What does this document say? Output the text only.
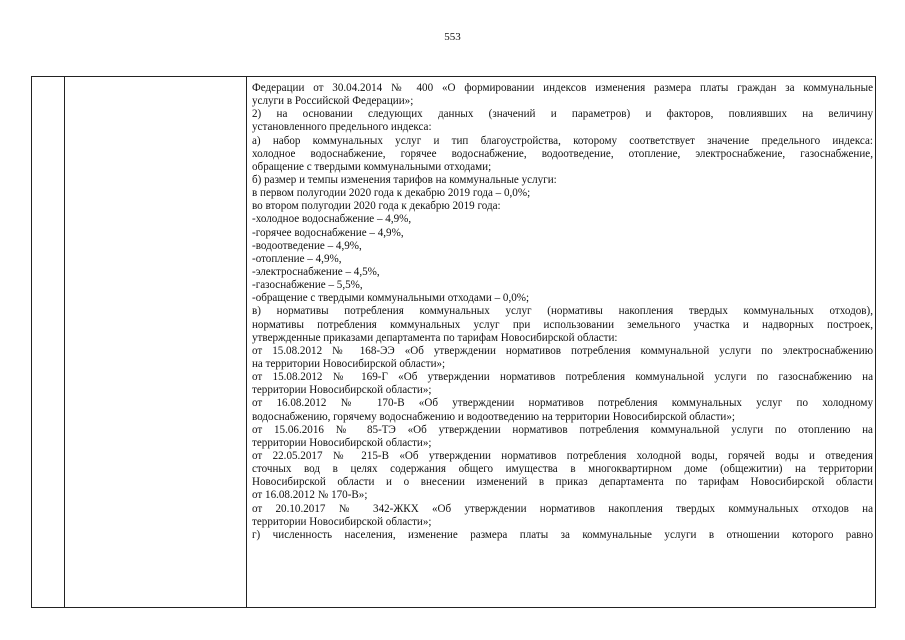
553
Федерации от 30.04.2014 № 400 «О формировании индексов изменения размера платы граждан за коммунальные
услуги в Российской Федерации»;
2) на основании следующих данных (значений и параметров) и факторов, повлиявших на величину
установленного предельного индекса:
а) набор коммунальных услуг и тип благоустройства, которому соответствует значение предельного индекса:
холодное водоснабжение, горячее водоснабжение, водоотведение, отопление, электроснабжение, газоснабжение,
обращение с твердыми коммунальными отходами;
б) размер и темпы изменения тарифов на коммунальные услуги:
в первом полугодии 2020 года к декабрю 2019 года – 0,0%;
во втором полугодии 2020 года к декабрю 2019 года:
-холодное водоснабжение – 4,9%,
-горячее водоснабжение – 4,9%,
-водоотведение – 4,9%,
-отопление – 4,9%,
-электроснабжение – 4,5%,
-газоснабжение – 5,5%,
-обращение с твердыми коммунальными отходами – 0,0%;
в) нормативы потребления коммунальных услуг (нормативы накопления твердых коммунальных отходов),
нормативы потребления коммунальных услуг при использовании земельного участка и надворных построек,
утвержденные приказами департамента по тарифам Новосибирской области:
от 15.08.2012 № 168-ЭЭ «Об утверждении нормативов потребления коммунальной услуги по электроснабжению
на территории Новосибирской области»;
от 15.08.2012 № 169-Г «Об утверждении нормативов потребления коммунальной услуги по газоснабжению на
территории Новосибирской области»;
от 16.08.2012 № 170-В «Об утверждении нормативов потребления коммунальных услуг по холодному
водоснабжению, горячему водоснабжению и водоотведению на территории Новосибирской области»;
от 15.06.2016 № 85-ТЭ «Об утверждении нормативов потребления коммунальной услуги по отоплению на
территории Новосибирской области»;
от 22.05.2017 № 215-В «Об утверждении нормативов потребления холодной воды, горячей воды и отведения
сточных вод в целях содержания общего имущества в многоквартирном доме (общежитии) на территории
Новосибирской области и о внесении изменений в приказ департамента по тарифам Новосибирской области
от 16.08.2012 № 170-В»;
от 20.10.2017 № 342-ЖКХ «Об утверждении нормативов накопления твердых коммунальных отходов на
территории Новосибирской области»;
г) численность населения, изменение размера платы за коммунальные услуги в отношении которого равно
